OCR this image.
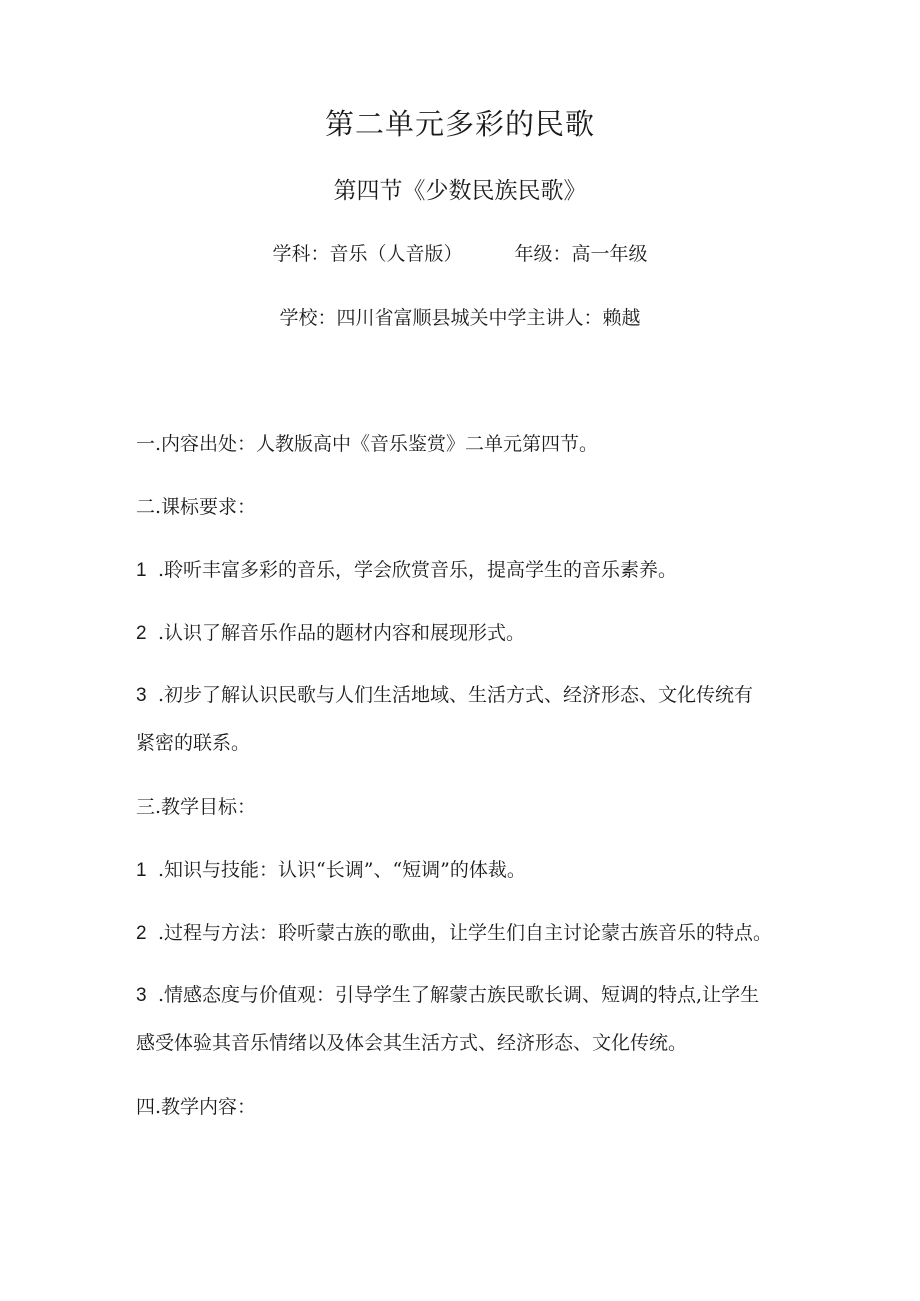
第二单元多彩的民歌
第四节《少数民族民歌》
学科：音乐（人音版）	年级：高一年级
学校：四川省富顺县城关中学主讲人：赖越
一.内容出处：人教版高中《音乐鉴赏》二单元第四节。
二.课标要求：
1 .聆听丰富多彩的音乐，学会欣赏音乐，提高学生的音乐素养。
2 .认识了解音乐作品的题材内容和展现形式。
3 .初步了解认识民歌与人们生活地域、生活方式、经济形态、文化传统有
紧密的联系。
三.教学目标：
1 .知识与技能：认识“长调”、“短调”的体裁。
2 .过程与方法：聆听蒙古族的歌曲，让学生们自主讨论蒙古族音乐的特点。
3 .情感态度与价值观：引导学生了解蒙古族民歌长调、短调的特点,让学生
感受体验其音乐情绪以及体会其生活方式、经济形态、文化传统。
四.教学内容：
